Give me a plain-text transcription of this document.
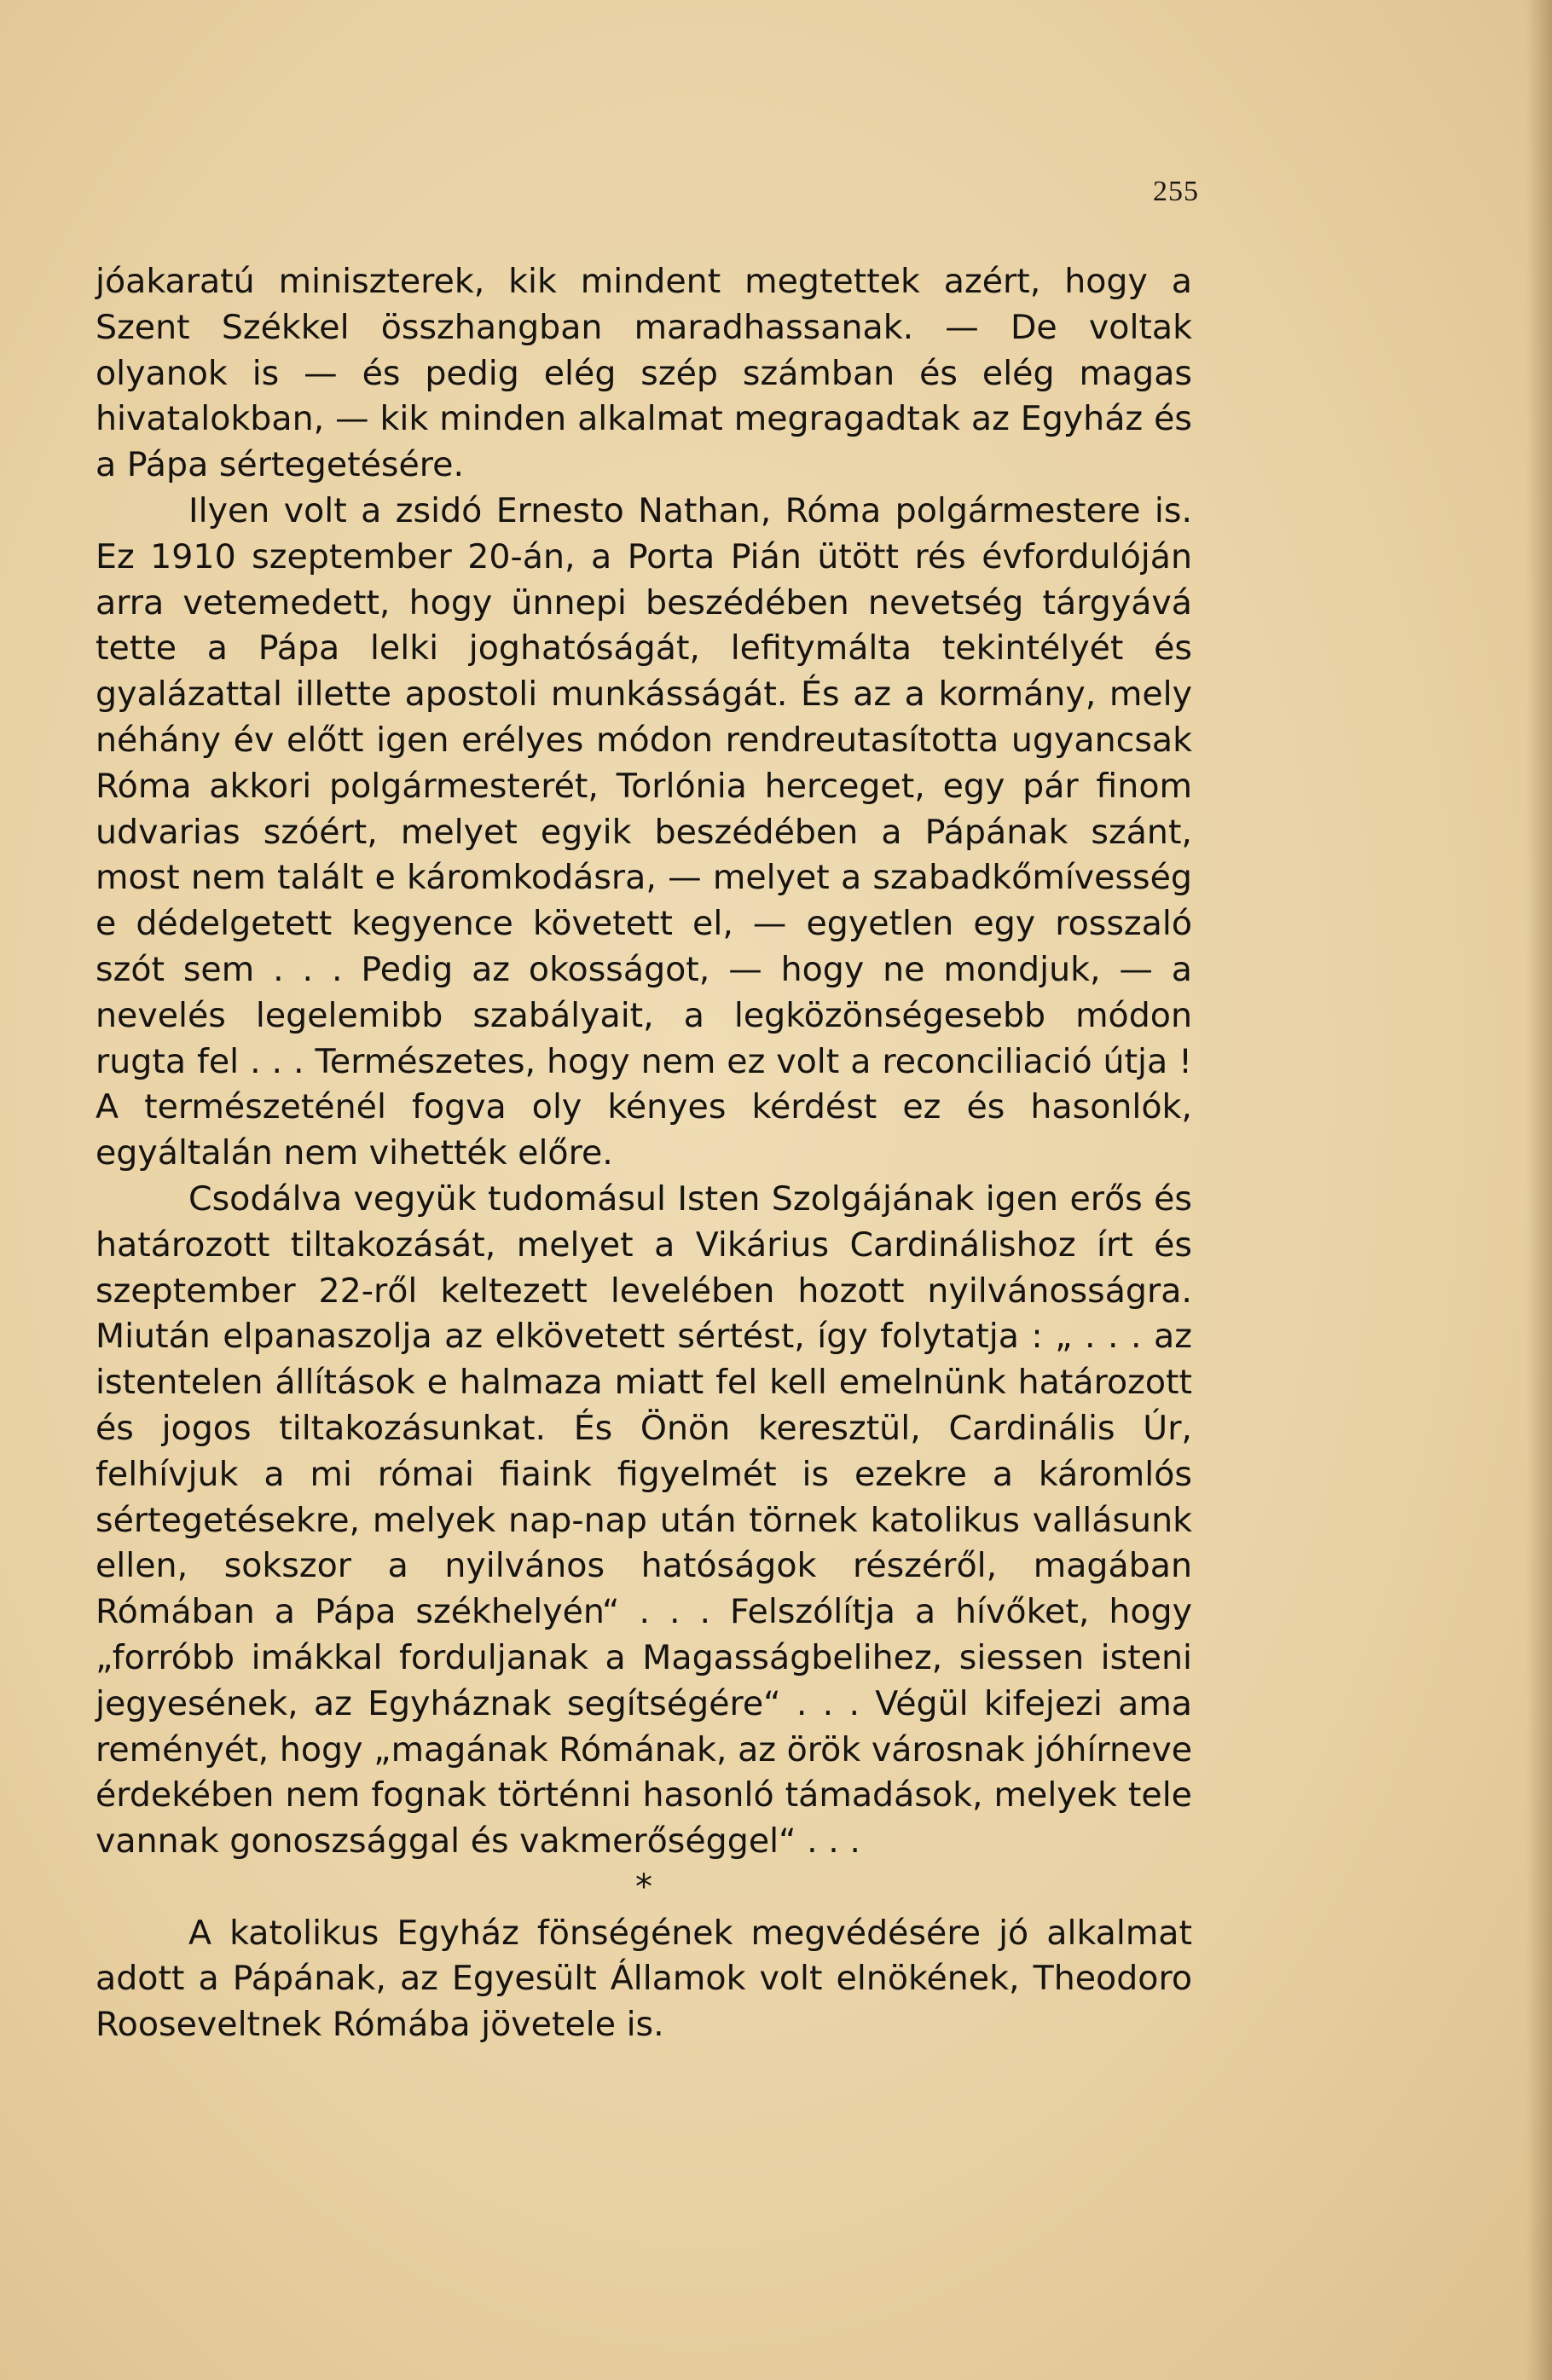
255

jóakaratú miniszterek, kik mindent megtettek azért, hogy a Szent Székkel összhangban maradhassanak. — De voltak olyanok is — és pedig elég szép számban és elég magas hivatalokban, — kik minden alkalmat megragadtak az Egyház és a Pápa sértegetésére.

Ilyen volt a zsidó Ernesto Nathan, Róma polgármestere is. Ez 1910 szeptember 20-án, a Porta Pián ütött rés évfordulóján arra vetemedett, hogy ünnepi beszédében nevetség tárgyává tette a Pápa lelki joghatóságát, lefitymálta tekintélyét és gyalázattal illette apostoli munkásságát. És az a kormány, mely néhány év előtt igen erélyes módon rendreutasította ugyancsak Róma akkori polgármesterét, Torlónia herceget, egy pár finom udvarias szóért, melyet egyik beszédében a Pápának szánt, most nem talált e káromkodásra, — melyet a szabadkőmívesség e dédelgetett kegyence követett el, — egyetlen egy rosszaló szót sem . . . Pedig az okosságot, — hogy ne mondjuk, — a nevelés legelemibb szabályait, a legközönségesebb módon rugta fel . . . Természetes, hogy nem ez volt a reconciliació útja ! A természeténél fogva oly kényes kérdést ez és hasonlók, egyáltalán nem vihették előre.

Csodálva vegyük tudomásul Isten Szolgájának igen erős és határozott tiltakozását, melyet a Vikárius Cardinálishoz írt és szeptember 22-ről keltezett levelében hozott nyilvánosságra. Miután elpanaszolja az elkövetett sértést, így folytatja : „ . . . az istentelen állítások e halmaza miatt fel kell emelnünk határozott és jogos tiltakozásunkat. És Önön keresztül, Cardinális Úr, felhívjuk a mi római fiaink figyelmét is ezekre a káromlós sértegetésekre, melyek nap-nap után törnek katolikus vallásunk ellen, sokszor a nyilvános hatóságok részéről, magában Rómában a Pápa székhelyén“ . . . Felszólítja a hívőket, hogy „forróbb imákkal forduljanak a Magasságbelihez, siessen isteni jegyesének, az Egyháznak segítségére“ . . . Végül kifejezi ama reményét, hogy „magának Rómának, az örök városnak jóhírneve érdekében nem fognak történni hasonló támadások, melyek tele vannak gonoszsággal és vakmerőséggel“ . . .

*

A katolikus Egyház fönségének megvédésére jó alkalmat adott a Pápának, az Egyesült Államok volt elnökének, Theodoro Rooseveltnek Rómába jövetele is.
